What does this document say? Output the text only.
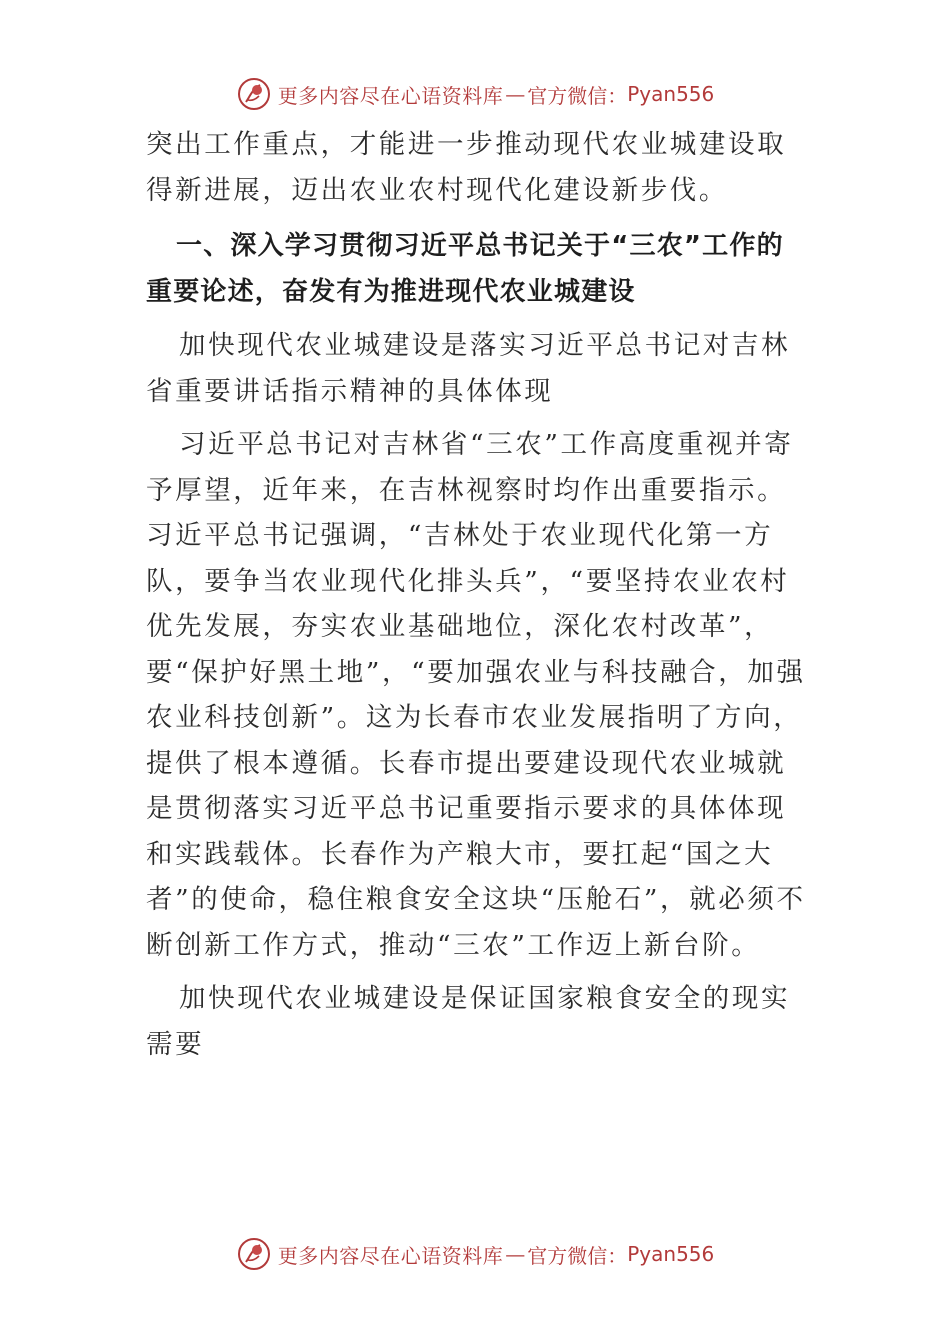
更多内容尽在心语资料库 — 官方微信： Pyan556

突出工作重点，才能进一步推动现代农业城建设取得新进展，迈出农业农村现代化建设新步伐。

一、深入学习贯彻习近平总书记关于“三农”工作的重要论述，奋发有为推进现代农业城建设

加快现代农业城建设是落实习近平总书记对吉林省重要讲话指示精神的具体体现

习近平总书记对吉林省“三农”工作高度重视并寄予厚望，近年来，在吉林视察时均作出重要指示。习近平总书记强调，“吉林处于农业现代化第一方队，要争当农业现代化排头兵”，“要坚持农业农村优先发展，夯实农业基础地位，深化农村改革”，要“保护好黑土地”，“要加强农业与科技融合，加强农业科技创新”。这为长春市农业发展指明了方向，提供了根本遵循。长春市提出要建设现代农业城就是贯彻落实习近平总书记重要指示要求的具体体现和实践载体。长春作为产粮大市，要扛起“国之大者”的使命，稳住粮食安全这块“压舱石”，就必须不断创新工作方式，推动“三农”工作迈上新台阶。

加快现代农业城建设是保证国家粮食安全的现实需要

更多内容尽在心语资料库 — 官方微信： Pyan556
